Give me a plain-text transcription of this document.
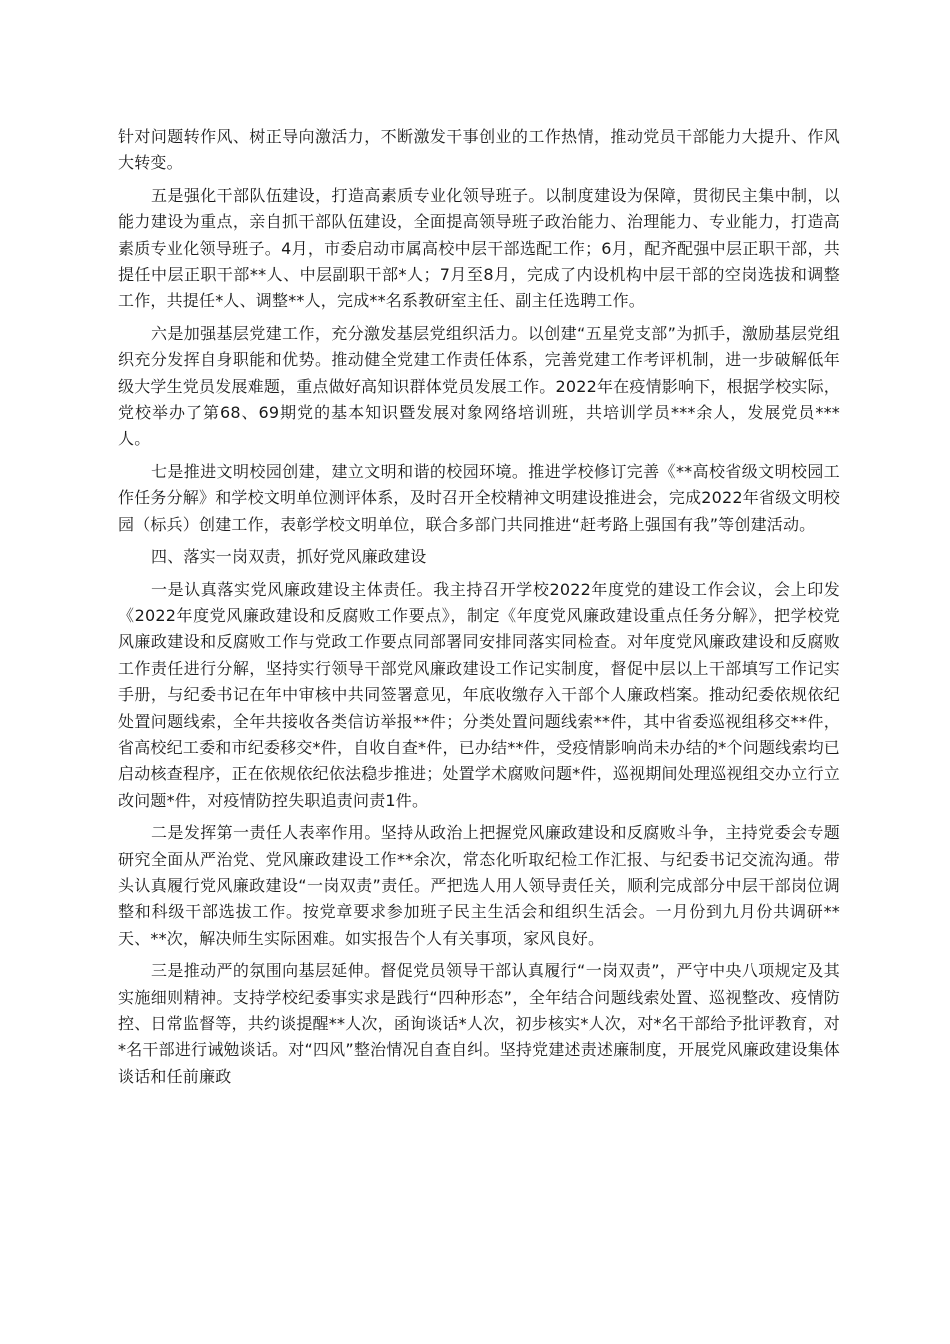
针对问题转作风、树正导向激活力，不断激发干事创业的工作热情，推动党员干部能力大提升、作风大转变。

五是强化干部队伍建设，打造高素质专业化领导班子。以制度建设为保障，贯彻民主集中制，以能力建设为重点，亲自抓干部队伍建设，全面提高领导班子政治能力、治理能力、专业能力，打造高素质专业化领导班子。4月，市委启动市属高校中层干部选配工作；6月，配齐配强中层正职干部，共提任中层正职干部**人、中层副职干部*人；7月至8月，完成了内设机构中层干部的空岗选拔和调整工作，共提任*人、调整**人，完成**名系教研室主任、副主任选聘工作。

六是加强基层党建工作，充分激发基层党组织活力。以创建“五星党支部”为抓手，激励基层党组织充分发挥自身职能和优势。推动健全党建工作责任体系，完善党建工作考评机制，进一步破解低年级大学生党员发展难题，重点做好高知识群体党员发展工作。2022年在疫情影响下，根据学校实际，党校举办了第68、69期党的基本知识暨发展对象网络培训班，共培训学员***余人，发展党员***人。

七是推进文明校园创建，建立文明和谐的校园环境。推进学校修订完善《**高校省级文明校园工作任务分解》和学校文明单位测评体系，及时召开全校精神文明建设推进会，完成2022年省级文明校园（标兵）创建工作，表彰学校文明单位，联合多部门共同推进“赶考路上强国有我”等创建活动。

四、落实一岗双责，抓好党风廉政建设

一是认真落实党风廉政建设主体责任。我主持召开学校2022年度党的建设工作会议，会上印发《2022年度党风廉政建设和反腐败工作要点》，制定《年度党风廉政建设重点任务分解》，把学校党风廉政建设和反腐败工作与党政工作要点同部署同安排同落实同检查。对年度党风廉政建设和反腐败工作责任进行分解，坚持实行领导干部党风廉政建设工作记实制度，督促中层以上干部填写工作记实手册，与纪委书记在年中审核中共同签署意见，年底收缴存入干部个人廉政档案。推动纪委依规依纪处置问题线索，全年共接收各类信访举报**件；分类处置问题线索**件，其中省委巡视组移交**件，省高校纪工委和市纪委移交*件，自收自查*件，已办结**件，受疫情影响尚未办结的*个问题线索均已启动核查程序，正在依规依纪依法稳步推进；处置学术腐败问题*件，巡视期间处理巡视组交办立行立改问题*件，对疫情防控失职追责问责1件。

二是发挥第一责任人表率作用。坚持从政治上把握党风廉政建设和反腐败斗争，主持党委会专题研究全面从严治党、党风廉政建设工作**余次，常态化听取纪检工作汇报、与纪委书记交流沟通。带头认真履行党风廉政建设“一岗双责”责任。严把选人用人领导责任关，顺利完成部分中层干部岗位调整和科级干部选拔工作。按党章要求参加班子民主生活会和组织生活会。一月份到九月份共调研**天、**次，解决师生实际困难。如实报告个人有关事项，家风良好。

三是推动严的氛围向基层延伸。督促党员领导干部认真履行“一岗双责”，严守中央八项规定及其实施细则精神。支持学校纪委事实求是践行“四种形态”，全年结合问题线索处置、巡视整改、疫情防控、日常监督等，共约谈提醒**人次，函询谈话*人次，初步核实*人次，对*名干部给予批评教育，对*名干部进行诫勉谈话。对“四风”整治情况自查自纠。坚持党建述责述廉制度，开展党风廉政建设集体谈话和任前廉政
